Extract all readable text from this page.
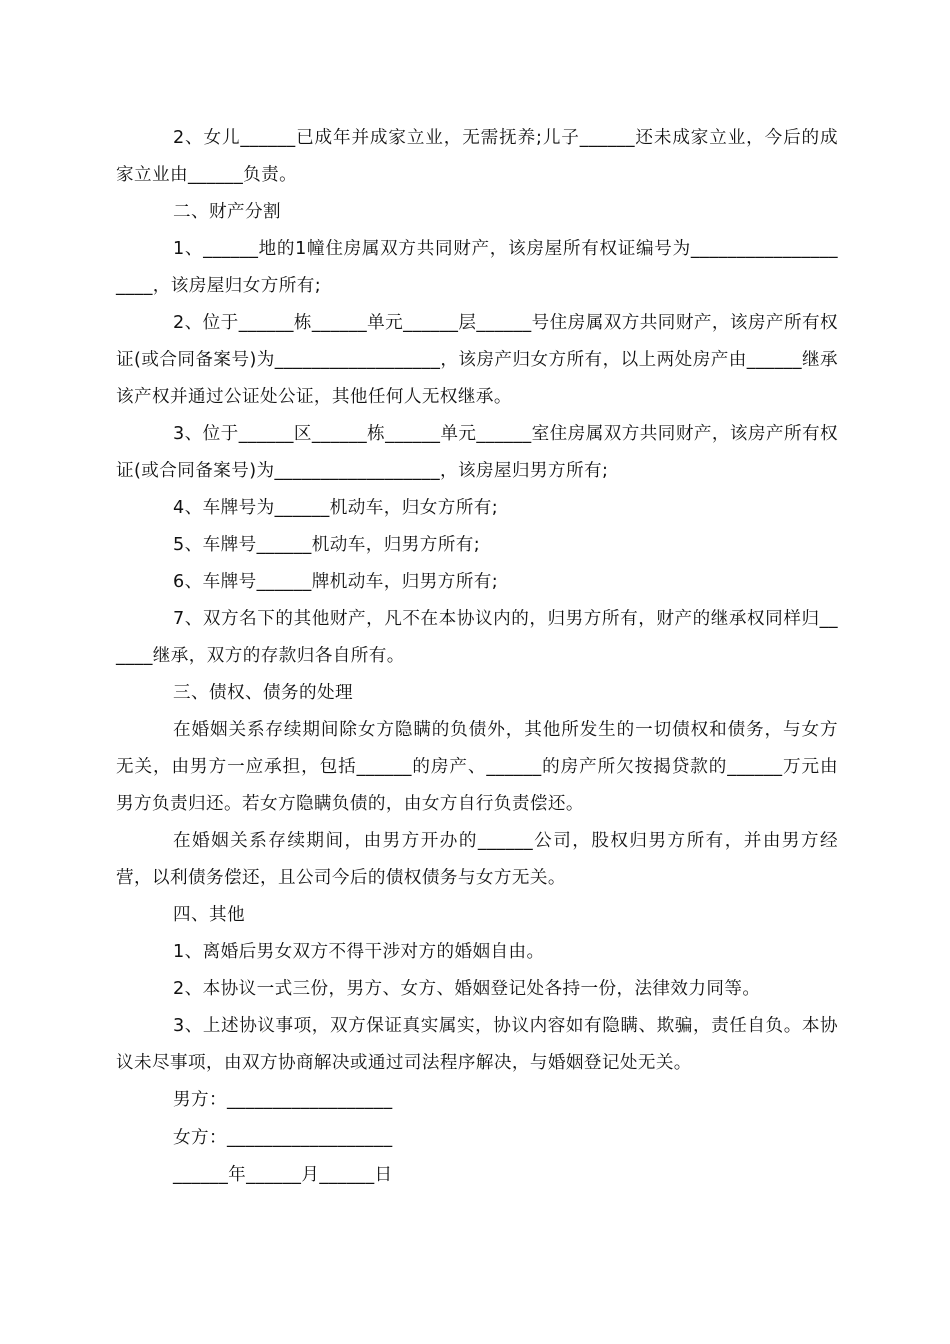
2、女儿______已成年并成家立业，无需抚养;儿子______还未成家立业，今后的成家立业由______负责。

二、财产分割

1、______地的1幢住房属双方共同财产，该房屋所有权证编号为____________________，该房屋归女方所有;

2、位于______栋______单元______层______号住房属双方共同财产，该房产所有权证(或合同备案号)为__________________，该房产归女方所有，以上两处房产由______继承该产权并通过公证处公证，其他任何人无权继承。

3、位于______区______栋______单元______室住房属双方共同财产，该房产所有权证(或合同备案号)为__________________，该房屋归男方所有;

4、车牌号为______机动车，归女方所有;

5、车牌号______机动车，归男方所有;

6、车牌号______牌机动车，归男方所有;

7、双方名下的其他财产，凡不在本协议内的，归男方所有，财产的继承权同样归______继承，双方的存款归各自所有。

三、债权、债务的处理

在婚姻关系存续期间除女方隐瞒的负债外，其他所发生的一切债权和债务，与女方无关，由男方一应承担，包括______的房产、______的房产所欠按揭贷款的______万元由男方负责归还。若女方隐瞒负债的，由女方自行负责偿还。

在婚姻关系存续期间，由男方开办的______公司，股权归男方所有，并由男方经营，以利债务偿还，且公司今后的债权债务与女方无关。

四、其他

1、离婚后男女双方不得干涉对方的婚姻自由。

2、本协议一式三份，男方、女方、婚姻登记处各持一份，法律效力同等。

3、上述协议事项，双方保证真实属实，协议内容如有隐瞒、欺骗，责任自负。本协议未尽事项，由双方协商解决或通过司法程序解决，与婚姻登记处无关。

男方：__________________

女方：__________________

______年______月______日
